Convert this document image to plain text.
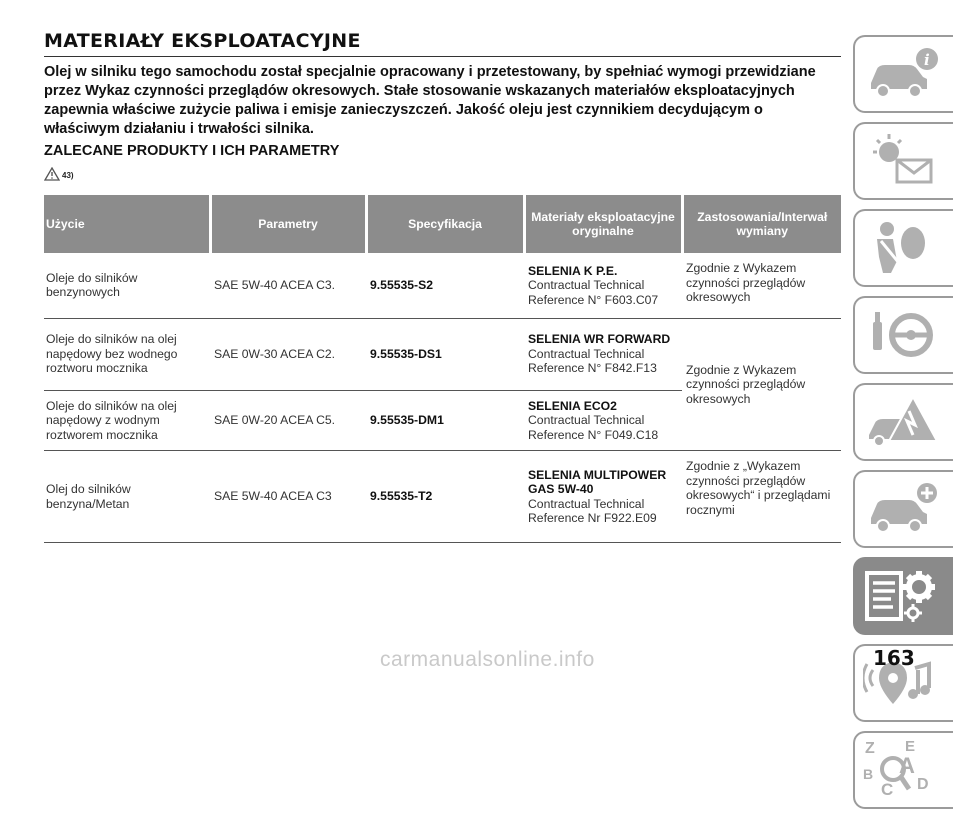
MATERIAŁY EKSPLOATACYJNE

Olej w silniku tego samochodu został specjalnie opracowany i przetestowany, by spełniać wymogi przewidziane przez Wykaz czynności przeglądów okresowych. Stałe stosowanie wskazanych materiałów eksploatacyjnych zapewnia właściwe zużycie paliwa i emisje zanieczyszczeń. Jakość oleju jest czynnikiem decydującym o właściwym działaniu i trwałości silnika.

ZALECANE PRODUKTY I ICH PARAMETRY
43)
Użycie	Parametry	Specyfikacja	Materiały eksploatacyjne oryginalne	Zastosowania/Interwał wymiany
Oleje do silników benzynowych	SAE 5W-40 ACEA C3.	9.55535-S2	SELENIA K P.E.
Contractual Technical Reference N° F603.C07	Zgodnie z Wykazem czynności przeglądów okresowych
Oleje do silników na olej napędowy bez wodnego roztworu mocznika	SAE 0W-30 ACEA C2.	9.55535-DS1	SELENIA WR FORWARD
Contractual Technical Reference N° F842.F13	Zgodnie z Wykazem czynności przeglądów okresowych
Oleje do silników na olej napędowy z wodnym roztworem mocznika	SAE 0W-20 ACEA C5.	9.55535-DM1	SELENIA ECO2
Contractual Technical Reference N° F049.C18	

Olej do silników benzyna/Metan	SAE 5W-40 ACEA C3	9.55535-T2	SELENIA MULTIPOWER GAS 5W-40
Contractual Technical Reference Nr F922.E09	Zgodnie z „Wykazem czynności przeglądów okresowych“ i przeglądami rocznymi
i
Z E
A
B
C D
163
carmanualsonline.info
